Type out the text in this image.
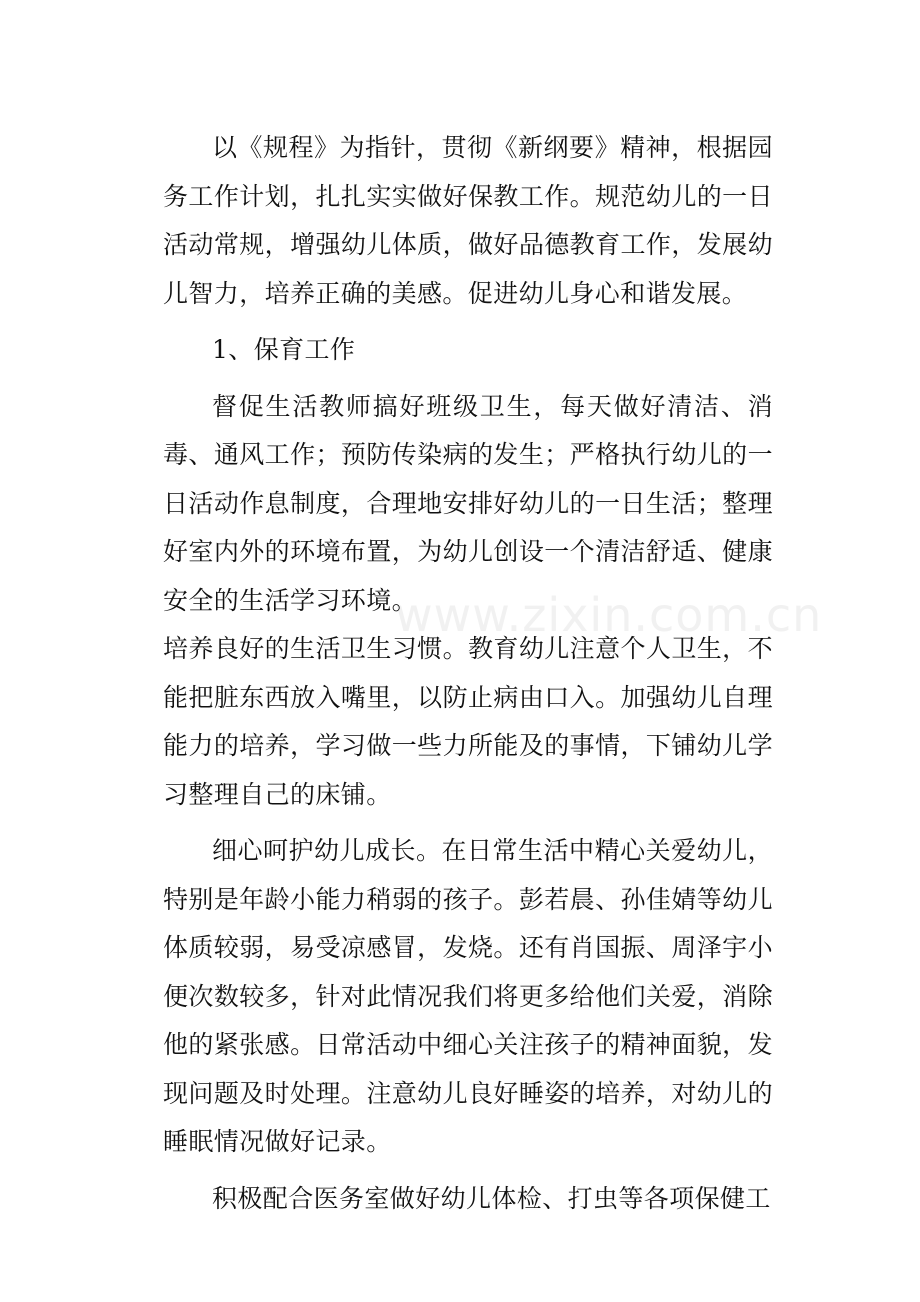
www.zixin.com.cn

以《规程》为指针，贯彻《新纲要》精神，根据园务工作计划，扎扎实实做好保教工作。规范幼儿的一日活动常规，增强幼儿体质，做好品德教育工作，发展幼儿智力，培养正确的美感。促进幼儿身心和谐发展。

1、保育工作

督促生活教师搞好班级卫生，每天做好清洁、消毒、通风工作；预防传染病的发生；严格执行幼儿的一日活动作息制度，合理地安排好幼儿的一日生活；整理好室内外的环境布置，为幼儿创设一个清洁舒适、健康安全的生活学习环境。

培养良好的生活卫生习惯。教育幼儿注意个人卫生，不能把脏东西放入嘴里，以防止病由口入。加强幼儿自理能力的培养，学习做一些力所能及的事情，下铺幼儿学习整理自己的床铺。

细心呵护幼儿成长。在日常生活中精心关爱幼儿，特别是年龄小能力稍弱的孩子。彭若晨、孙佳婧等幼儿体质较弱，易受凉感冒，发烧。还有肖国振、周泽宇小便次数较多，针对此情况我们将更多给他们关爱，消除他的紧张感。日常活动中细心关注孩子的精神面貌，发现问题及时处理。注意幼儿良好睡姿的培养，对幼儿的睡眠情况做好记录。

积极配合医务室做好幼儿体检、打虫等各项保健工
